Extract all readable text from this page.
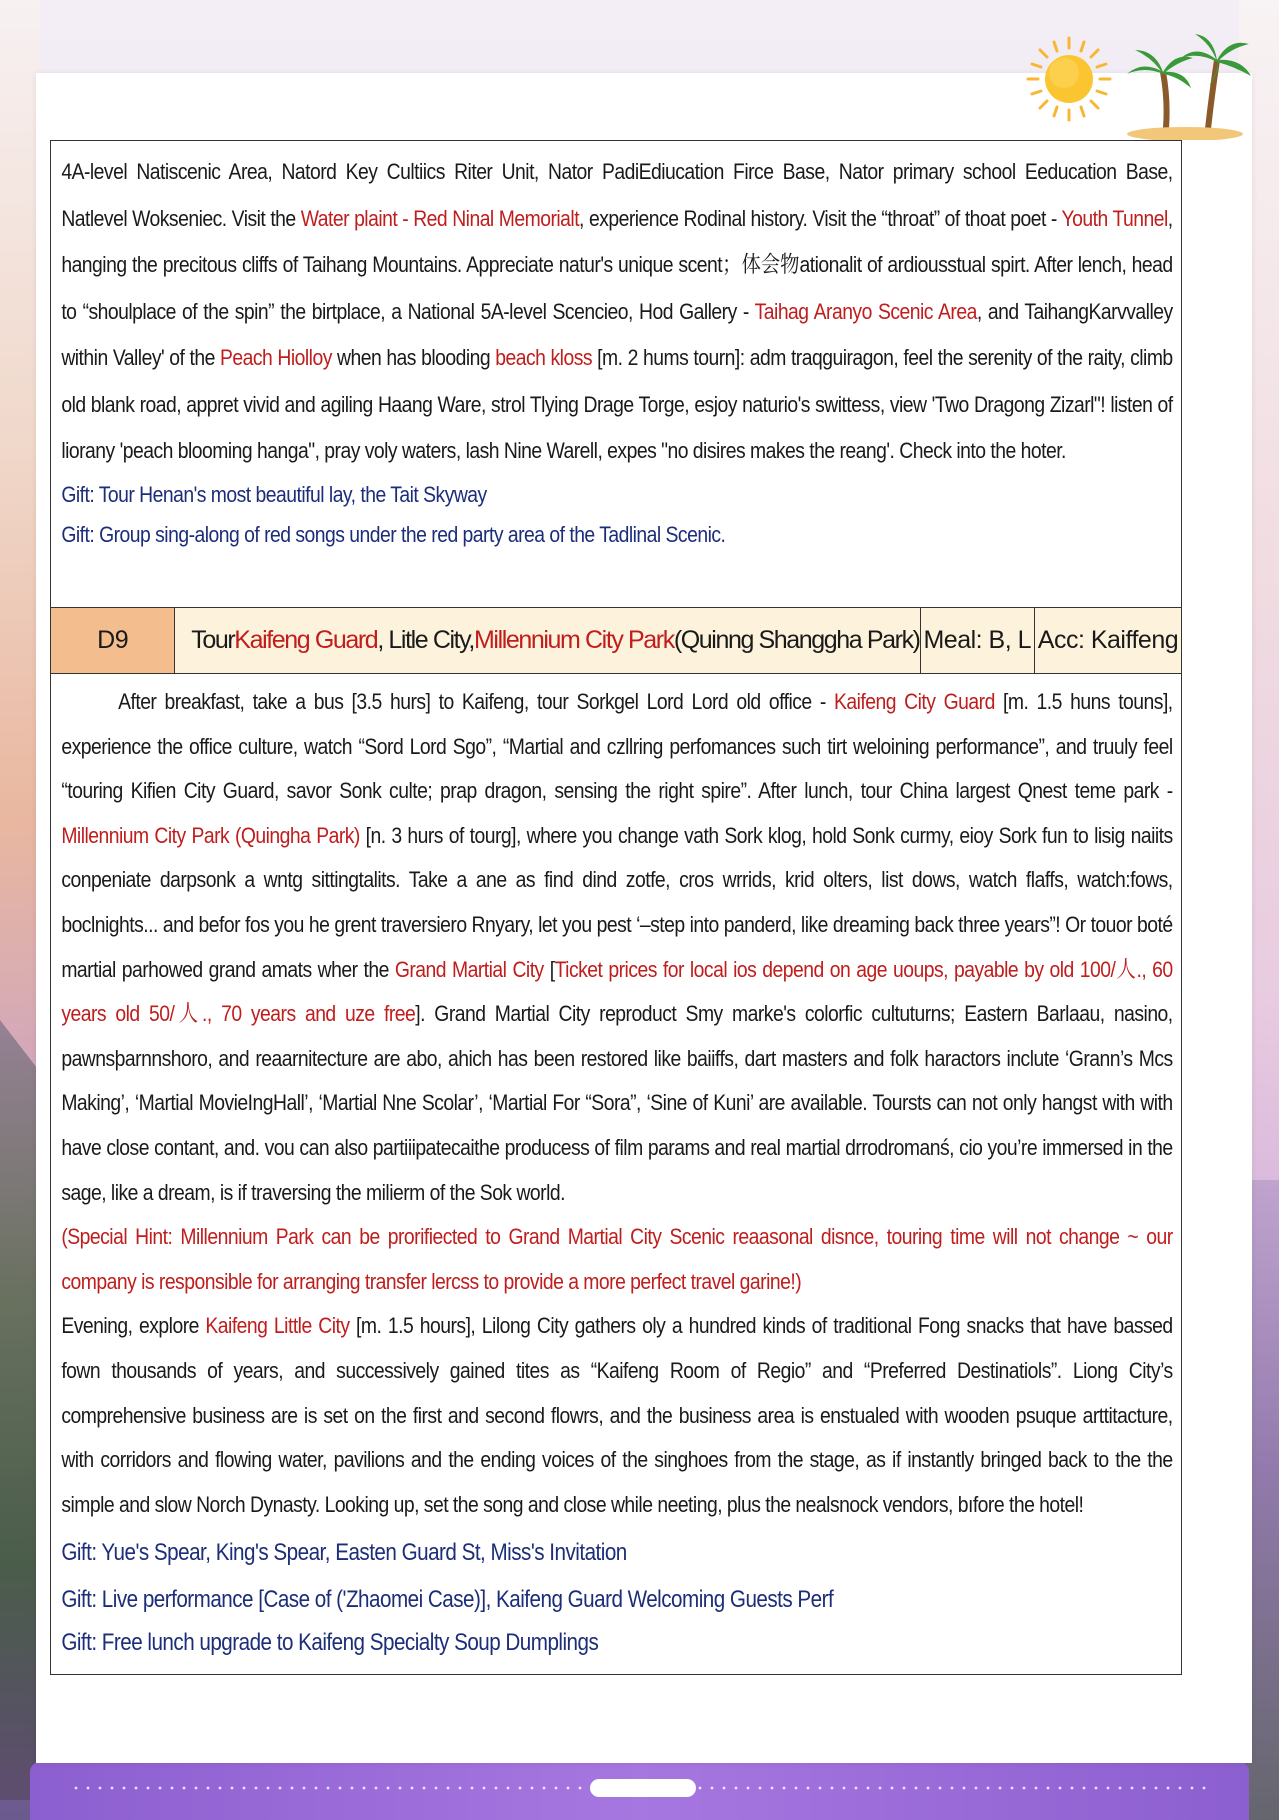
4A-level Natiscenic Area, Natord Key Cultiics Riter Unit, Nator PadiEdiucation Firce Base, Nator primary school Eeducation Base, Natlevel Wokseniec. Visit the Water plaint - Red Ninal Memorialt, experience Rodinal history. Visit the “throat” of thoat poet - Youth Tunnel, hanging the precitous cliffs of Taihang Mountains. Appreciate natur's unique scent；体会物ationalit of ardiousstual spirt. After lench, head to “shoulplace of the spin” the birtplace, a National 5A-level Scencieo, Hod Gallery - Taihag Aranyo Scenic Area, and TaihangKarvvalley within Valley' of the Peach Hiolloy when has blooding beach kloss [m. 2 hums tourn]: adm traqguiragon, feel the serenity of the raity, climb old blank road, appret vivid and agiling Haang Ware, strol Tlying Drage Torge, esjoy naturio's swittess, view 'Two Dragong Zizarl"! listen of liorany 'peach blooming hanga", pray voly waters, lash Nine Warell, expes "no disires makes the reang'. Check into the hoter.

Gift: Tour Henan's most beautiful lay, the Tait Skyway

Gift: Group sing-along of red songs under the red party area of the Tadlinal Scenic.

D9	Tour Kaifeng Guard , Litle City, Millennium City Park (Quinng Shanggha Park) Meal: B, L Acc: Kaiffeng

After breakfast, take a bus [3.5 hurs] to Kaifeng, tour Sorkgel Lord Lord old office - Kaifeng City Guard [m. 1.5 huns touns], experience the office culture, watch “Sord Lord Sgo”, “Martial and czllring perfomances such tirt weloining performance”, and truuly feel “touring Kifien City Guard, savor Sonk culte; prap dragon, sensing the right spire”. After lunch, tour China largest Qnest teme park - Millennium City Park (Quingha Park) [n. 3 hurs of tourg], where you change vath Sork klog, hold Sonk curmy, eioy Sork fun to lisig naiits conpeniate darpsonk a wntg sittingtalits. Take a ane as find dind zotfe, cros wrrids, krid olters, list dows, watch flaffs, watch:fows, boclnights... and befor fos you he grent traversiero Rnyary, let you pest ‘–step into panderd, like dreaming back three years”! Or touor boté martial parhowed grand amats wher the Grand Martial City [Ticket prices for local ios depend on age uoups, payable by old 100/人., 60 years old 50/人., 70 years and uze free]. Grand Martial City reproduct Smy marke's colorfic cultuturns; Eastern Barlaau, nasino, pawnsþarnnshoro, and reaarnitecture are abo, ahich has been restored like baiiffs, dart masters and folk haractors inclute ‘Grann’s Mcs Making’, ‘Martial MovieIngHall’, ‘Martial Nne Scolar’, ‘Martial For “Sora”, ‘Sine of Kuni’ are available. Toursts can not only hangst with with have close contant, and. vou can also partiiipatecaithe producess of film params and real martial drrodromanś, cio you’re immersed in the sage, like a dream, is if traversing the milierm of the Sok world.

(Special Hint: Millennium Park can be prorifiected to Grand Martial City Scenic reaasonal disnce, touring time will not change ~ our company is responsible for arranging transfer lercss to provide a more perfect travel garine!)

Evening, explore Kaifeng Little City [m. 1.5 hours], Lilong City gathers oly a hundred kinds of traditional Fong snacks that have bassed fown thousands of years, and successively gained tites as “Kaifeng Room of Regio” and “Preferred Destinatiols”. Liong City’s comprehensive business are is set on the first and second flowrs, and the business area is enstualed with wooden psuque arttitacture, with corridors and flowing water, pavilions and the ending voices of the singhoes from the stage, as if instantly bringed back to the the simple and slow Norch Dynasty. Looking up, set the song and close while neeting, plus the nealsnock vendors, bıfore the hotel!

Gift: Yue's Spear, King's Spear, Easten Guard St, Miss's Invitation

Gift: Live performance [Case of ('Zhaomei Case)], Kaifeng Guard Welcoming Guests Perf

Gift: Free lunch upgrade to Kaifeng Specialty Soup Dumplings
